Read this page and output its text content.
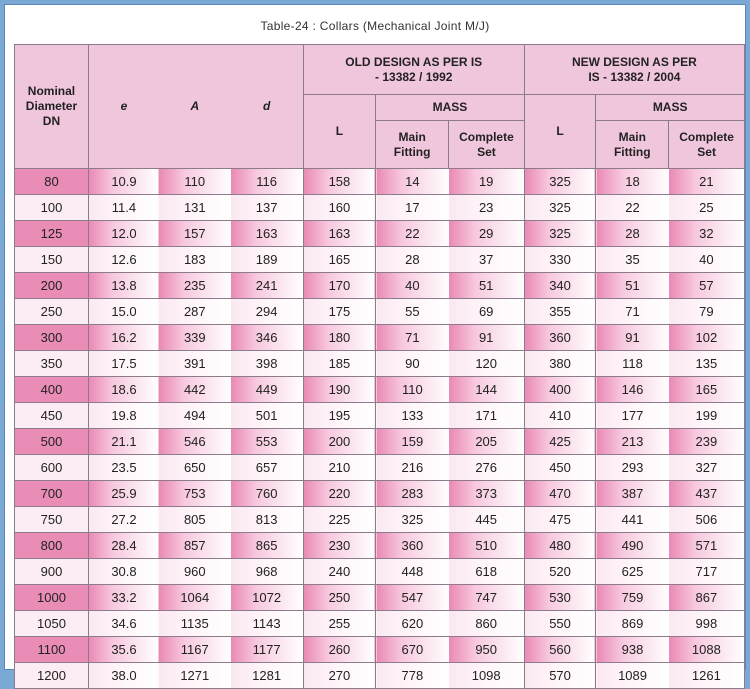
Table-24 : Collars (Mechanical Joint M/J)
Nominal Diameter DN	e	A	d	OLD DESIGN AS PER IS - 13382 / 1992			NEW DESIGN AS PER IS - 13382 / 2004		
				L	MASS		L	MASS	
					Main Fitting	Complete Set		Main Fitting	Complete Set
80	10.9	110	116	158	14	19	325	18	21
100	11.4	131	137	160	17	23	325	22	25
125	12.0	157	163	163	22	29	325	28	32
150	12.6	183	189	165	28	37	330	35	40
200	13.8	235	241	170	40	51	340	51	57
250	15.0	287	294	175	55	69	355	71	79
300	16.2	339	346	180	71	91	360	91	102
350	17.5	391	398	185	90	120	380	118	135
400	18.6	442	449	190	110	144	400	146	165
450	19.8	494	501	195	133	171	410	177	199
500	21.1	546	553	200	159	205	425	213	239
600	23.5	650	657	210	216	276	450	293	327
700	25.9	753	760	220	283	373	470	387	437
750	27.2	805	813	225	325	445	475	441	506
800	28.4	857	865	230	360	510	480	490	571
900	30.8	960	968	240	448	618	520	625	717
1000	33.2	1064	1072	250	547	747	530	759	867
1050	34.6	1135	1143	255	620	860	550	869	998
1100	35.6	1167	1177	260	670	950	560	938	1088
1200	38.0	1271	1281	270	778	1098	570	1089	1261
